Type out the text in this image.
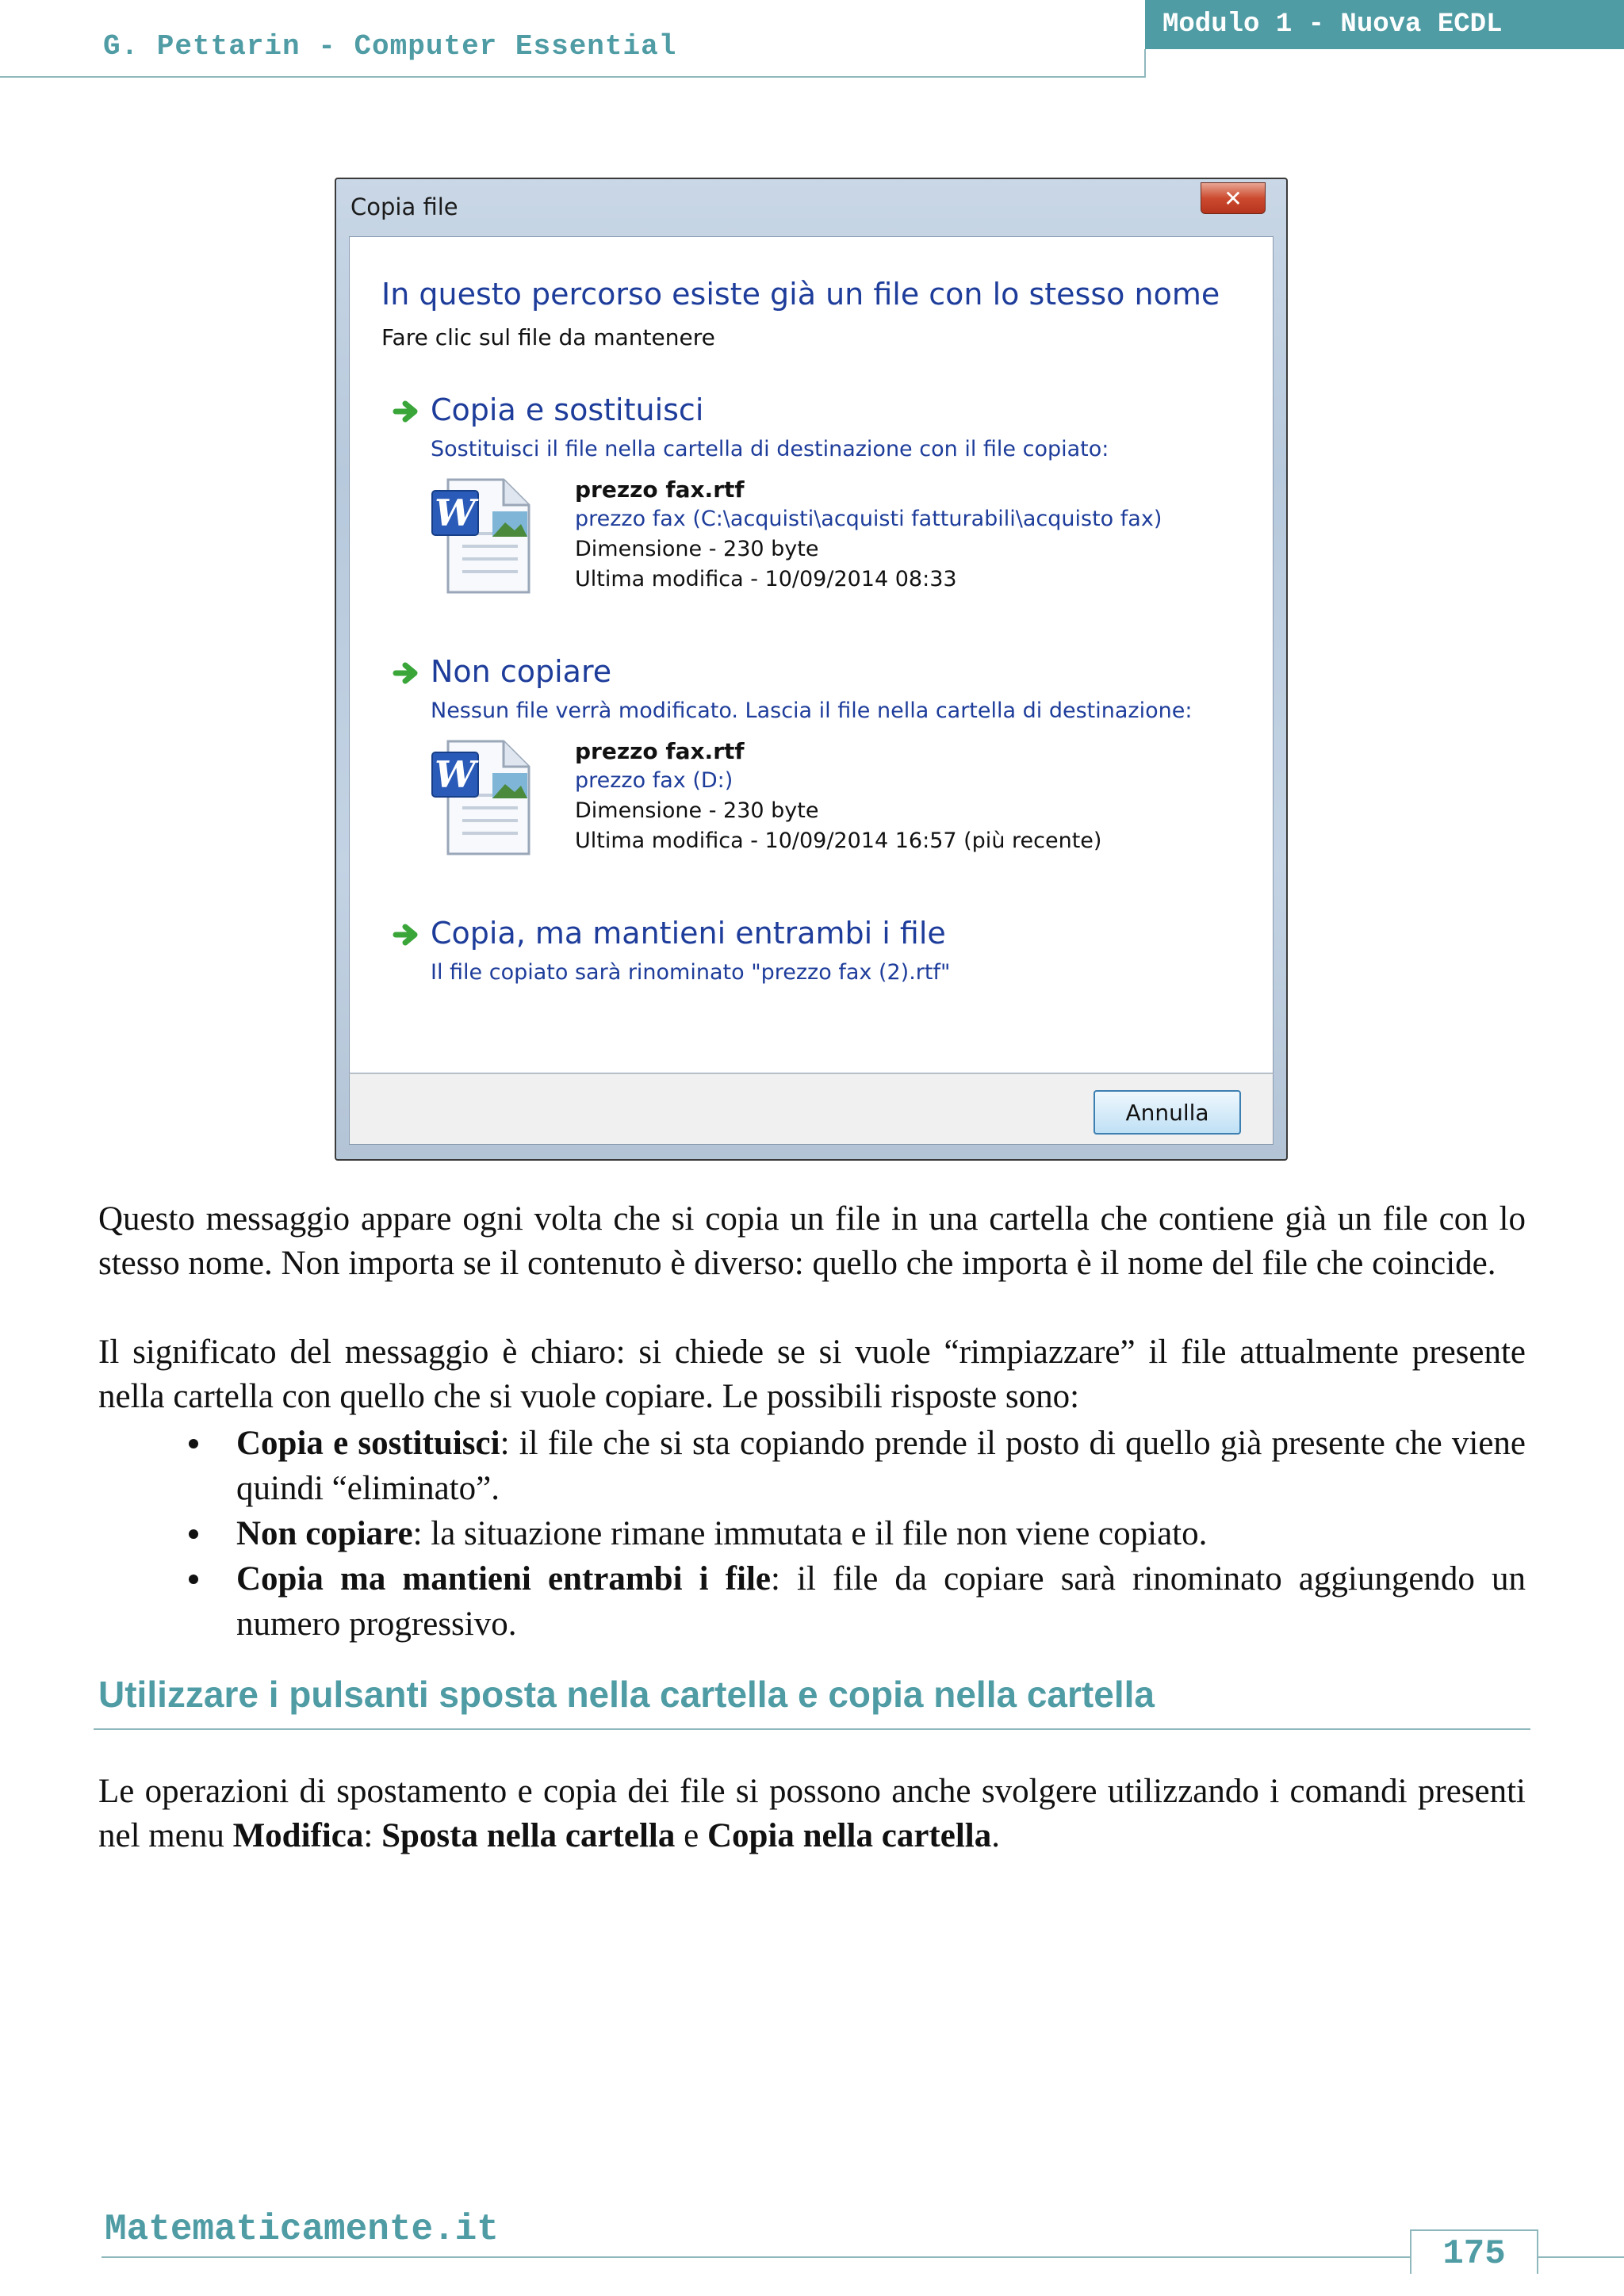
G. Pettarin - Computer Essential
Modulo 1 - Nuova ECDL
Copia file	✕
In questo percorso esiste già un file con lo stesso nome
Fare clic sul file da mantenere
Copia e sostituisci
Sostituisci il file nella cartella di destinazione con il file copiato:
W
prezzo fax.rtf
prezzo fax (C:\acquisti\acquisti fatturabili\acquisto fax)
Dimensione - 230 byte
Ultima modifica - 10/09/2014 08:33
Non copiare
Nessun file verrà modificato. Lascia il file nella cartella di destinazione:
W
prezzo fax.rtf
prezzo fax (D:)
Dimensione - 230 byte
Ultima modifica - 10/09/2014 16:57 (più recente)
Copia, ma mantieni entrambi i file
Il file copiato sarà rinominato "prezzo fax (2).rtf"
Annulla

Questo messaggio appare ogni volta che si copia un file in una cartella che contiene già un file con lo stesso nome. Non importa se il contenuto è diverso: quello che importa è il nome del file che coincide.

Il significato del messaggio è chiaro: si chiede se si vuole “rimpiazzare” il file attualmente presente nella cartella con quello che si vuole copiare. Le possibili risposte sono:

Copia e sostituisci: il file che si sta copiando prende il posto di quello già presente che viene quindi “eliminato”.
Non copiare: la situazione rimane immutata e il file non viene copiato.
Copia ma mantieni entrambi i file: il file da copiare sarà rinominato aggiungendo un numero progressivo.
Utilizzare i pulsanti sposta nella cartella e copia nella cartella

Le operazioni di spostamento e copia dei file si possono anche svolgere utilizzando i comandi presenti nel menu Modifica: Sposta nella cartella e Copia nella cartella.

Matematicamente.it
175
